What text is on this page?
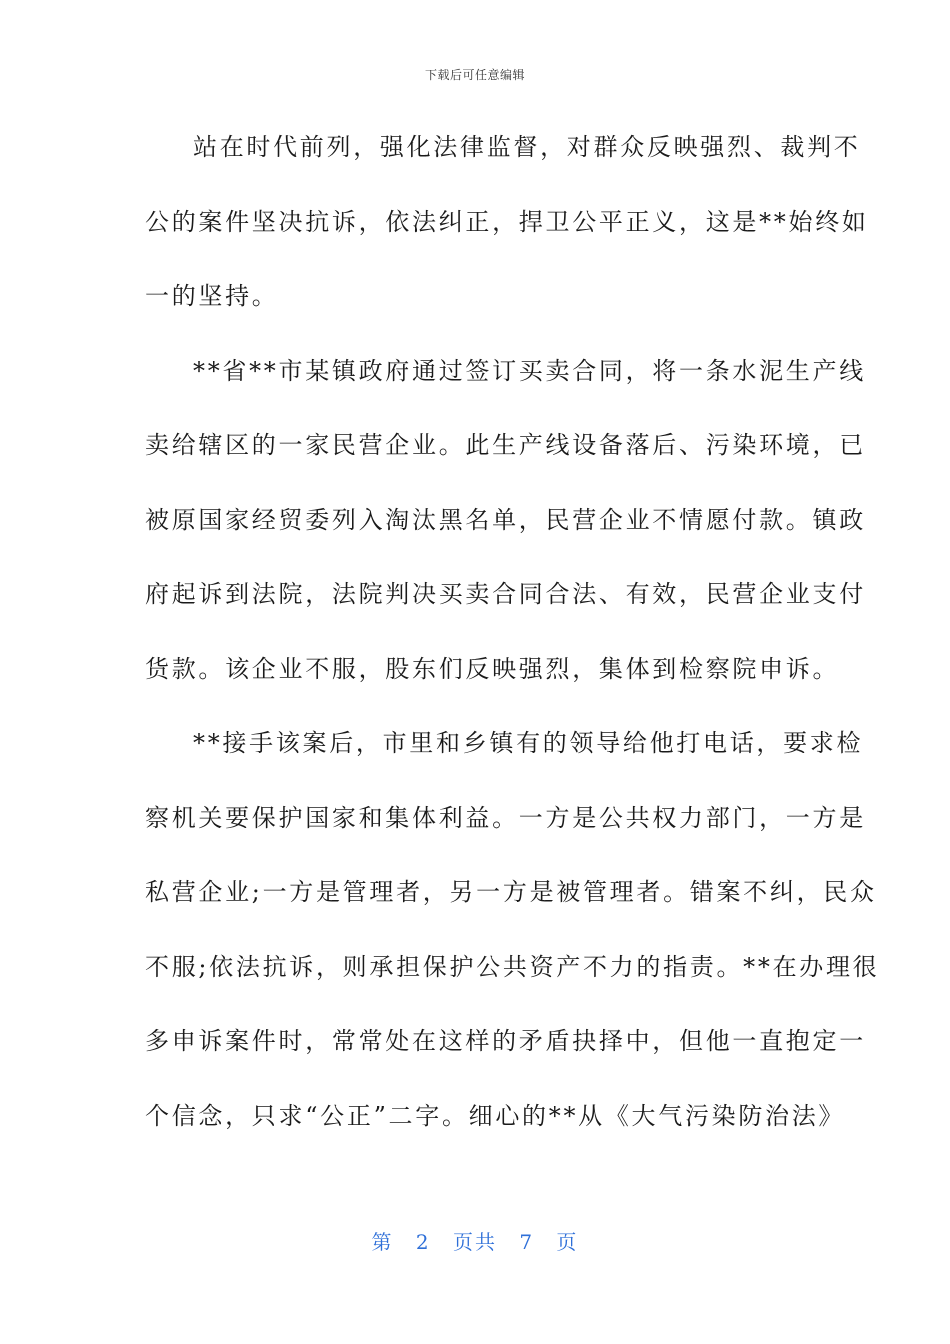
下载后可任意编辑
站在时代前列，强化法律监督，对群众反映强烈、裁判不
公的案件坚决抗诉，依法纠正，捍卫公平正义，这是**始终如
一的坚持。
**省**市某镇政府通过签订买卖合同，将一条水泥生产线
卖给辖区的一家民营企业。此生产线设备落后、污染环境，已
被原国家经贸委列入淘汰黑名单，民营企业不情愿付款。镇政
府起诉到法院，法院判决买卖合同合法、有效，民营企业支付
货款。该企业不服，股东们反映强烈，集体到检察院申诉。
**接手该案后，市里和乡镇有的领导给他打电话，要求检
察机关要保护国家和集体利益。一方是公共权力部门，一方是
私营企业;一方是管理者，另一方是被管理者。错案不纠，民众
不服;依法抗诉，则承担保护公共资产不力的指责。**在办理很
多申诉案件时，常常处在这样的矛盾抉择中，但他一直抱定一
个信念，只求“公正”二字。细心的**从《大气污染防治法》
第 2 页共 7 页
